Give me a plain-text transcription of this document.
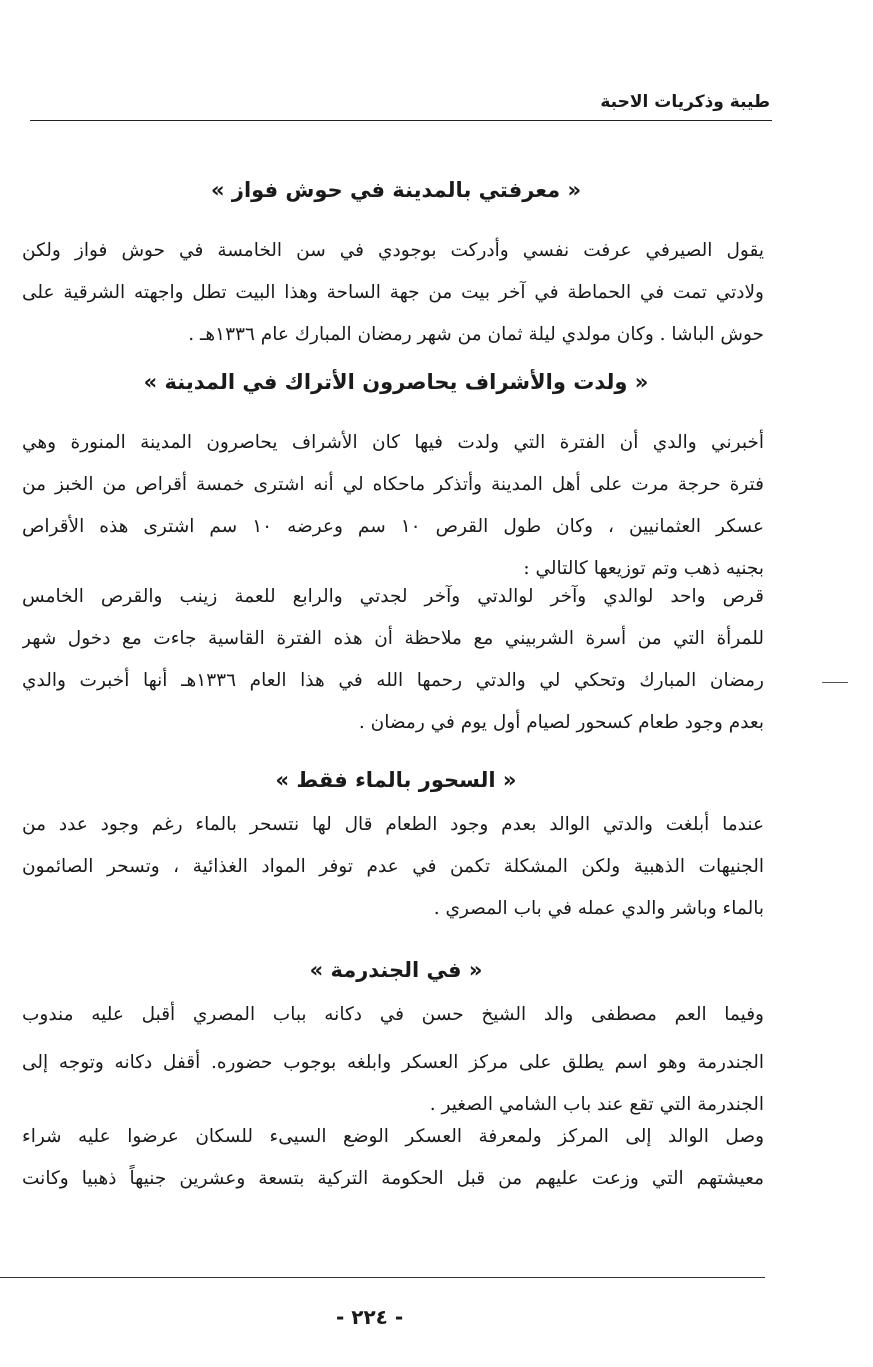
طيبة وذكريات الاحبة
« معرفتي بالمدينة في حوش فواز »
يقول الصيرفي عرفت نفسي وأدركت بوجودي في سن الخامسة في حوش فواز ولكن
ولادتي تمت في الحماطة في آخر بيت من جهة الساحة وهذا البيت تطل واجهته الشرقية على
حوش الباشا . وكان مولدي ليلة ثمان من شهر رمضان المبارك عام ١٣٣٦هـ .
« ولدت والأشراف يحاصرون الأتراك في المدينة »
أخبرني والدي أن الفترة التي ولدت فيها كان الأشراف يحاصرون المدينة المنورة وهي
فترة حرجة مرت على أهل المدينة وأتذكر ماحكاه لي أنه اشترى خمسة أقراص من الخبز من
عسكر العثمانيين ، وكان طول القرص ١٠ سم وعرضه ١٠ سم اشترى هذه الأقراص
بجنيه ذهب وتم توزيعها كالتالي :
قرص واحد لوالدي وآخر لوالدتي وآخر لجدتي والرابع للعمة زينب والقرص الخامس
للمرأة التي من أسرة الشربيني مع ملاحظة أن هذه الفترة القاسية جاءت مع دخول شهر
رمضان المبارك وتحكي لي والدتي رحمها الله في هذا العام ١٣٣٦هـ أنها أخبرت والدي
بعدم وجود طعام كسحور لصيام أول يوم في رمضان .
« السحور بالماء فقط »
عندما أبلغت والدتي الوالد بعدم وجود الطعام قال لها نتسحر بالماء رغم وجود عدد من
الجنيهات الذهبية ولكن المشكلة تكمن في عدم توفر المواد الغذائية ، وتسحر الصائمون
بالماء وباشر والدي عمله في باب المصري .
« في الجندرمة »
وفيما العم مصطفى والد الشيخ حسن في دكانه بباب المصري أقبل عليه مندوب
الجندرمة وهو اسم يطلق على مركز العسكر وابلغه بوجوب حضوره. أقفل دكانه وتوجه إلى
الجندرمة التي تقع عند باب الشامي الصغير .
وصل الوالد إلى المركز ولمعرفة العسكر الوضع السيىء للسكان عرضوا عليه شراء
معيشتهم التي وزعت عليهم من قبل الحكومة التركية بتسعة وعشرين جنيهاً ذهبيا وكانت
- ٢٢٤ -
